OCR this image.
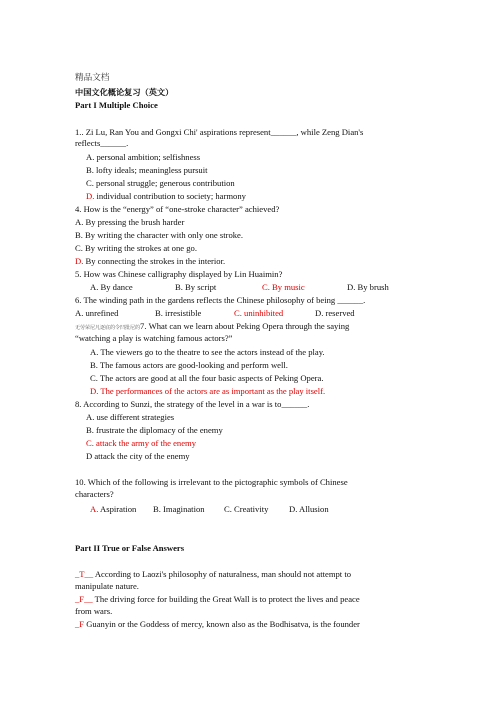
精品文档
中国文化概论复习（英文）
Part I Multiple Choice
1.. Zi Lu, Ran You and Gongxi Chi' aspirations represent______, while Zeng Dian's
reflects______.
A. personal ambition; selfishness
B. lofty ideals; meaningless pursuit
C. personal struggle; generous contribution
D. individual contribution to society; harmony
4. How is the “energy” of “one-stroke character” achieved?
A. By pressing the brush harder
B. By writing the character with only one stroke.
C. By writing the strokes at one go.
D. By connecting the strokes in the interior.
5. How was Chinese calligraphy displayed by Lin Huaimin?
A. By dance	B. By script	C. By music	D. By brush
6. The winding path in the gardens reflects the Chinese philosophy of being ______.
A. unrefined	B. irresistible	C. uninhibited	D. reserved
无劳荣尼凡逐底的令凹批尼的7. What can we learn about Peking Opera through the saying
“watching a play is watching famous actors?”
A. The viewers go to the theatre to see the actors instead of the play.
B. The famous actors are good-looking and perform well.
C. The actors are good at all the four basic aspects of Peking Opera.
D. The performances of the actors are as important as the play itself.
8. According to Sunzi, the strategy of the level in a war is to______.
A. use different strategies
B. frustrate the diplomacy of the enemy
C. attack the army of the enemy
D attack the city of the enemy
10. Which of the following is irrelevant to the pictographic symbols of Chinese
characters?
A. Aspiration B. Imagination C. Creativity D. Allusion
Part II True or False Answers
_T__ According to Laozi's philosophy of naturalness, man should not attempt to
manipulate nature.
_F__ The driving force for building the Great Wall is to protect the lives and peace
from wars.
_F Guanyin or the Goddess of mercy, known also as the Bodhisatva, is the founder
